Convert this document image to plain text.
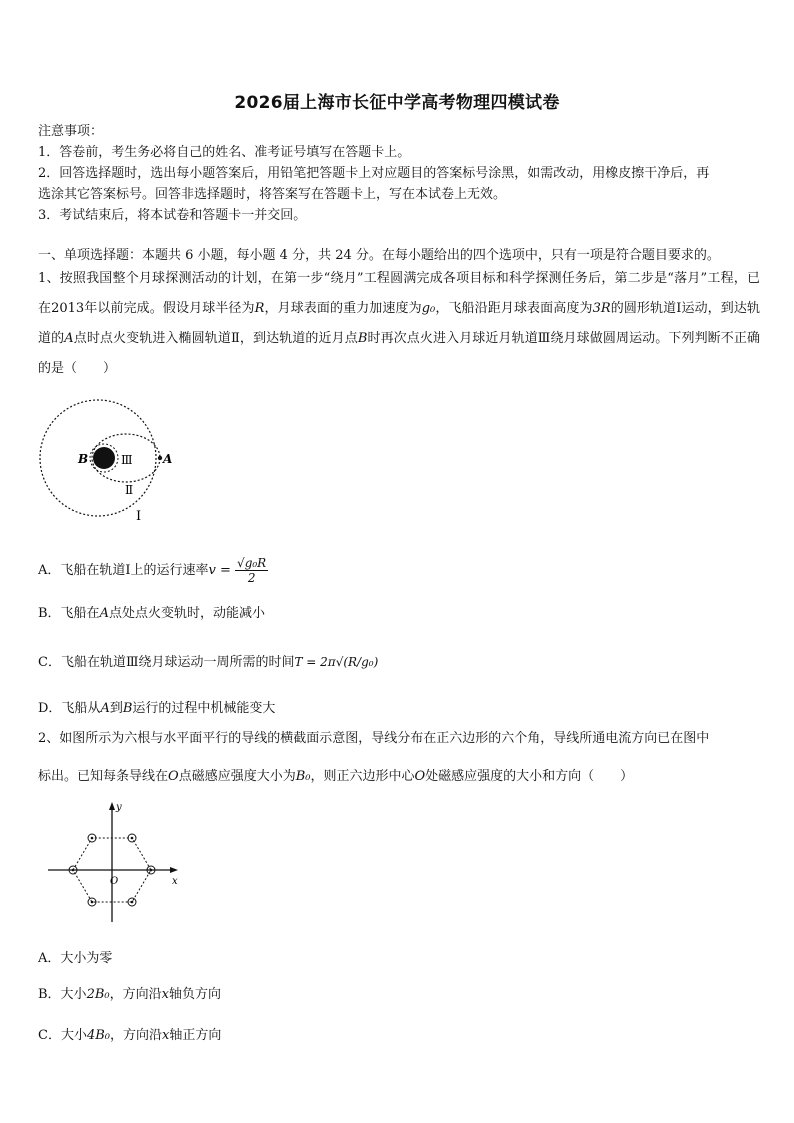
2026届上海市长征中学高考物理四模试卷
注意事项：
1．答卷前，考生务必将自己的姓名、准考证号填写在答题卡上。
2．回答选择题时，选出每小题答案后，用铅笔把答题卡上对应题目的答案标号涂黑，如需改动，用橡皮擦干净后，再
选涂其它答案标号。回答非选择题时，将答案写在答题卡上，写在本试卷上无效。
3．考试结束后，将本试卷和答题卡一并交回。
一、单项选择题：本题共 6 小题，每小题 4 分，共 24 分。在每小题给出的四个选项中，只有一项是符合题目要求的。
1、按照我国整个月球探测活动的计划，在第一步“绕月”工程圆满完成各项目标和科学探测任务后，第二步是“落月”工程，已在2013年以前完成。假设月球半径为R，月球表面的重力加速度为g₀，飞船沿距月球表面高度为3R的圆形轨道Ⅰ运动，到达轨道的A点时点火变轨进入椭圆轨道Ⅱ，到达轨道的近月点B时再次点火进入月球近月轨道Ⅲ绕月球做圆周运动。下列判断不正确的是（　　）
B	A
Ⅲ
Ⅱ
Ⅰ
A．飞船在轨道Ⅰ上的运行速率$v = \frac{\text{√g₀R}}{2}$
B．飞船在A点处点火变轨时，动能减小
C．飞船在轨道Ⅲ绕月球运动一周所需的时间T = 2π√(R/g₀)
D．飞船从A到B运行的过程中机械能变大
2、如图所示为六根与水平面平行的导线的横截面示意图，导线分布在正六边形的六个角，导线所通电流方向已在图中
标出。已知每条导线在O点磁感应强度大小为B₀，则正六边形中心O处磁感应强度的大小和方向（　　）
y
x
O
A．大小为零
B．大小2B₀，方向沿x轴负方向
C．大小4B₀，方向沿x轴正方向
